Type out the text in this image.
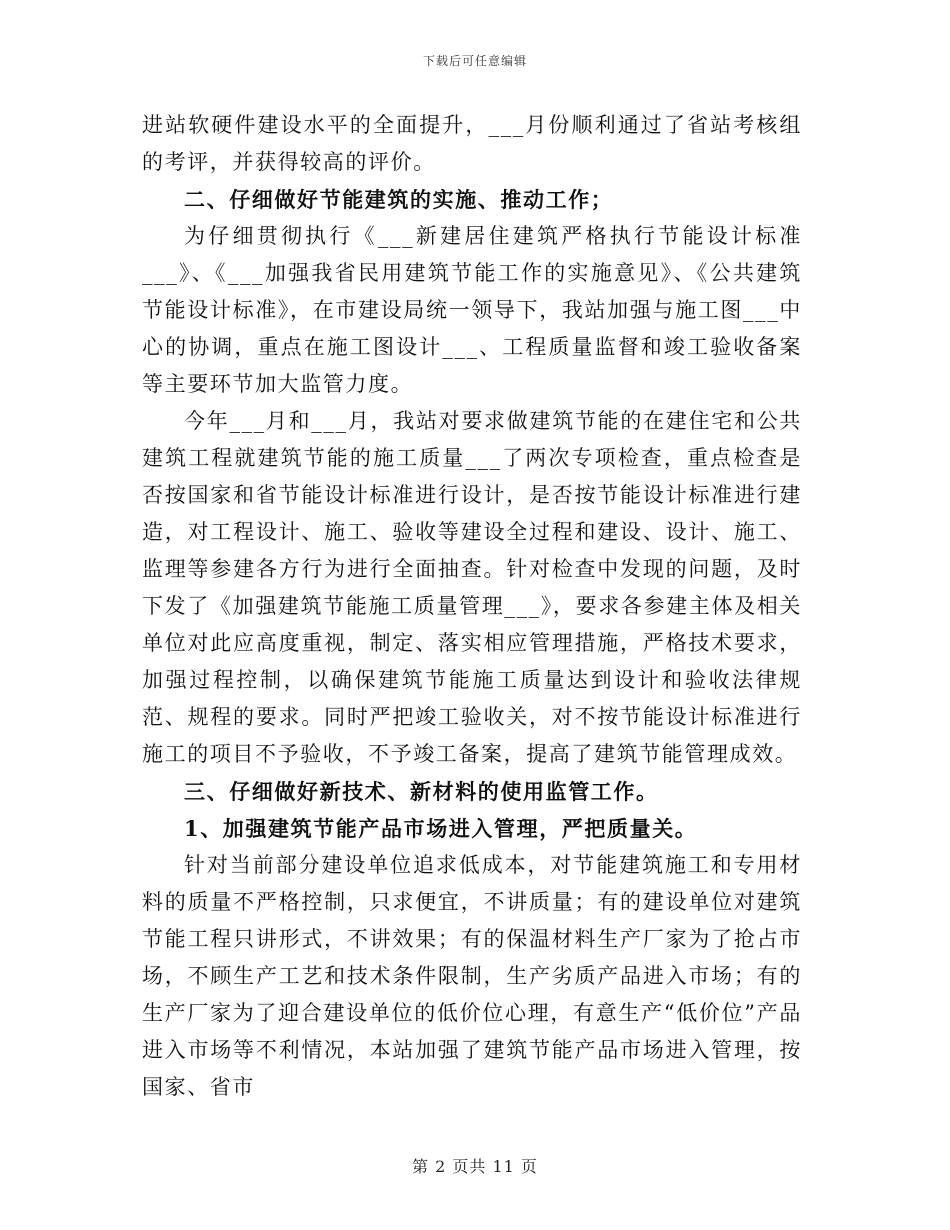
下载后可任意编辑

进站软硬件建设水平的全面提升，___月份顺利通过了省站考核组的考评，并获得较高的评价。

二、仔细做好节能建筑的实施、推动工作；

为仔细贯彻执行《___新建居住建筑严格执行节能设计标准___》、《___加强我省民用建筑节能工作的实施意见》、《公共建筑节能设计标准》，在市建设局统一领导下，我站加强与施工图___中心的协调，重点在施工图设计___、工程质量监督和竣工验收备案等主要环节加大监管力度。

今年___月和___月，我站对要求做建筑节能的在建住宅和公共建筑工程就建筑节能的施工质量___了两次专项检查，重点检查是否按国家和省节能设计标准进行设计，是否按节能设计标准进行建造，对工程设计、施工、验收等建设全过程和建设、设计、施工、监理等参建各方行为进行全面抽查。针对检查中发现的问题，及时下发了《加强建筑节能施工质量管理___》，要求各参建主体及相关单位对此应高度重视，制定、落实相应管理措施，严格技术要求，加强过程控制，以确保建筑节能施工质量达到设计和验收法律规范、规程的要求。同时严把竣工验收关，对不按节能设计标准进行施工的项目不予验收，不予竣工备案，提高了建筑节能管理成效。

三、仔细做好新技术、新材料的使用监管工作。

1、加强建筑节能产品市场进入管理，严把质量关。

针对当前部分建设单位追求低成本，对节能建筑施工和专用材料的质量不严格控制，只求便宜，不讲质量；有的建设单位对建筑节能工程只讲形式，不讲效果；有的保温材料生产厂家为了抢占市场，不顾生产工艺和技术条件限制，生产劣质产品进入市场；有的生产厂家为了迎合建设单位的低价位心理，有意生产“低价位”产品进入市场等不利情况，本站加强了建筑节能产品市场进入管理，按国家、省市

第 2 页共 11 页
